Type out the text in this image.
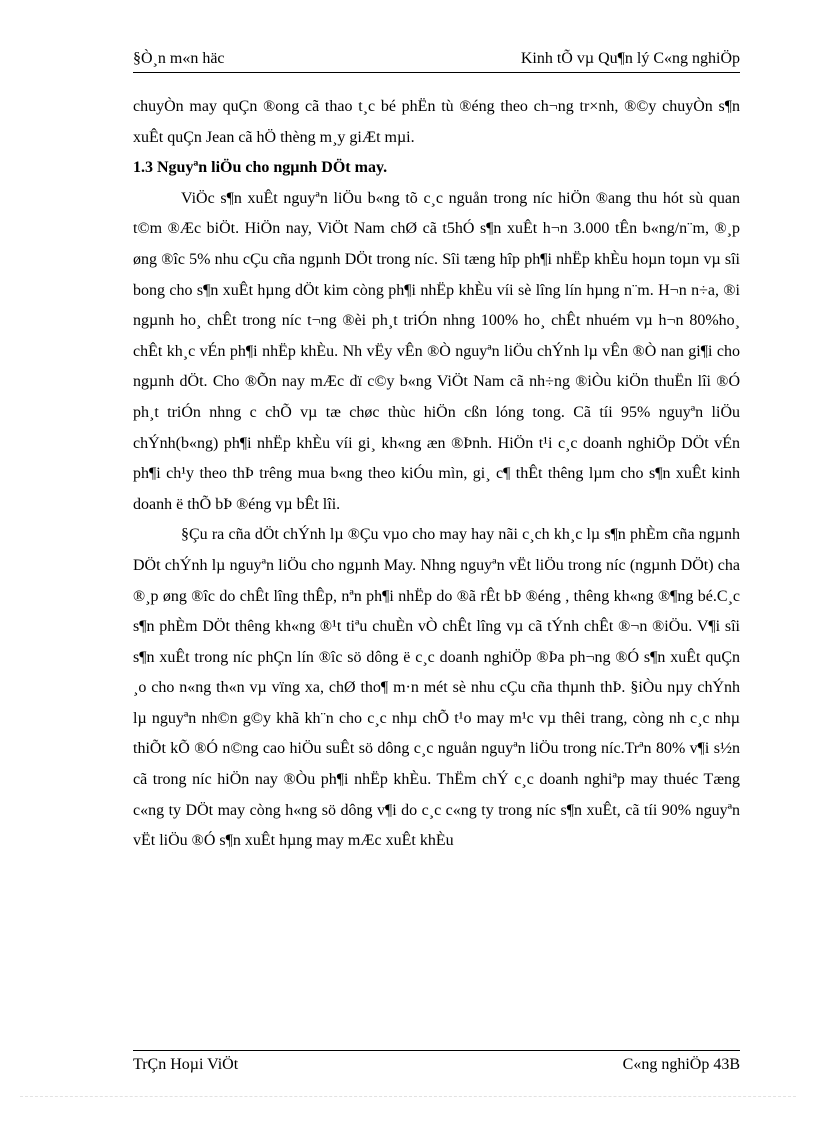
§Ò¸n m«n häc	Kinh tÕ vµ Qu¶n lý C«ng nghiÖp

chuyÒn may quÇn ®ong cã thao t¸c bé phËn tù ®éng theo ch¬ng tr×nh, ®©y chuyÒn s¶n xuÊt quÇn Jean cã hÖ thèng m¸y giÆt mµi.

1.3 Nguyªn liÖu cho ngµnh DÖt may.

ViÖc s¶n xuÊt nguyªn liÖu b«ng tõ c¸c nguån trong níc hiÖn ®ang thu hót sù quan t©m ®Æc biÖt. HiÖn nay, ViÖt Nam chØ cã t5hÓ s¶n xuÊt h¬n 3.000 tÊn b«ng/n¨m, ®¸p øng ®îc 5% nhu cÇu cña ngµnh DÖt trong níc. Sîi tæng hîp ph¶i nhËp khÈu hoµn toµn vµ sîi bong cho s¶n xuÊt hµng dÖt kim còng ph¶i nhËp khÈu víi sè lîng lín hµng n¨m. H¬n n÷a, ®i ngµnh ho¸ chÊt trong níc t¬ng ®èi ph¸t triÓn nhng 100% ho¸ chÊt nhuém vµ h¬n 80%ho¸ chÊt kh¸c vÉn ph¶i nhËp khÈu. Nh vËy vÊn ®Ò nguyªn liÖu chÝnh lµ vÊn ®Ò nan gi¶i cho ngµnh dÖt. Cho ®Õn nay mÆc dï c©y b«ng ViÖt Nam cã nh÷ng ®iÒu kiÖn thuËn lîi ®Ó ph¸t triÓn nhng c chÕ vµ tæ chøc thùc hiÖn cßn lóng tong. Cã tíi 95% nguyªn liÖu chÝnh(b«ng) ph¶i nhËp khÈu víi gi¸ kh«ng æn ®Þnh. HiÖn t¹i c¸c doanh nghiÖp DÖt vÉn ph¶i ch¹y theo thÞ trêng mua b«ng theo kiÓu mìn, gi¸ c¶ thÊt thêng lµm cho s¶n xuÊt kinh doanh ë thÕ bÞ ®éng vµ bÊt lîi.

§Çu ra cña dÖt chÝnh lµ ®Çu vµo cho may hay nãi c¸ch kh¸c lµ s¶n phÈm cña ngµnh DÖt chÝnh lµ nguyªn liÖu cho ngµnh May. Nhng nguyªn vËt liÖu trong níc (ngµnh DÖt) cha ®¸p øng ®îc do chÊt lîng thÊp, nªn ph¶i nhËp do ®ã rÊt bÞ ®éng , thêng kh«ng ®¶ng bé.C¸c s¶n phÈm DÖt thêng kh«ng ®¹t tiªu chuÈn vÒ chÊt lîng vµ cã tÝnh chÊt ®¬n ®iÖu. V¶i sîi s¶n xuÊt trong níc phÇn lín ®îc sö dông ë c¸c doanh nghiÖp ®Þa ph¬ng ®Ó s¶n xuÊt quÇn ¸o cho n«ng th«n vµ vïng xa, chØ tho¶ m·n mét sè nhu cÇu cña thµnh thÞ. §iÒu nµy chÝnh lµ nguyªn nh©n g©y khã kh¨n cho c¸c nhµ chÕ t¹o may m¹c vµ thêi trang, còng nh c¸c nhµ thiÕt kÕ ®Ó n©ng cao hiÖu suÊt sö dông c¸c nguån nguyªn liÖu trong níc.Trªn 80% v¶i s½n cã trong níc hiÖn nay ®Òu ph¶i nhËp khÈu. ThËm chÝ c¸c doanh nghiªp may thuéc Tæng c«ng ty DÖt may còng h«ng sö dông v¶i do c¸c c«ng ty trong níc s¶n xuÊt, cã tíi 90% nguyªn vËt liÖu ®Ó s¶n xuÊt hµng may mÆc xuÊt khÈu

TrÇn Hoµi ViÖt	C«ng nghiÖp 43B
